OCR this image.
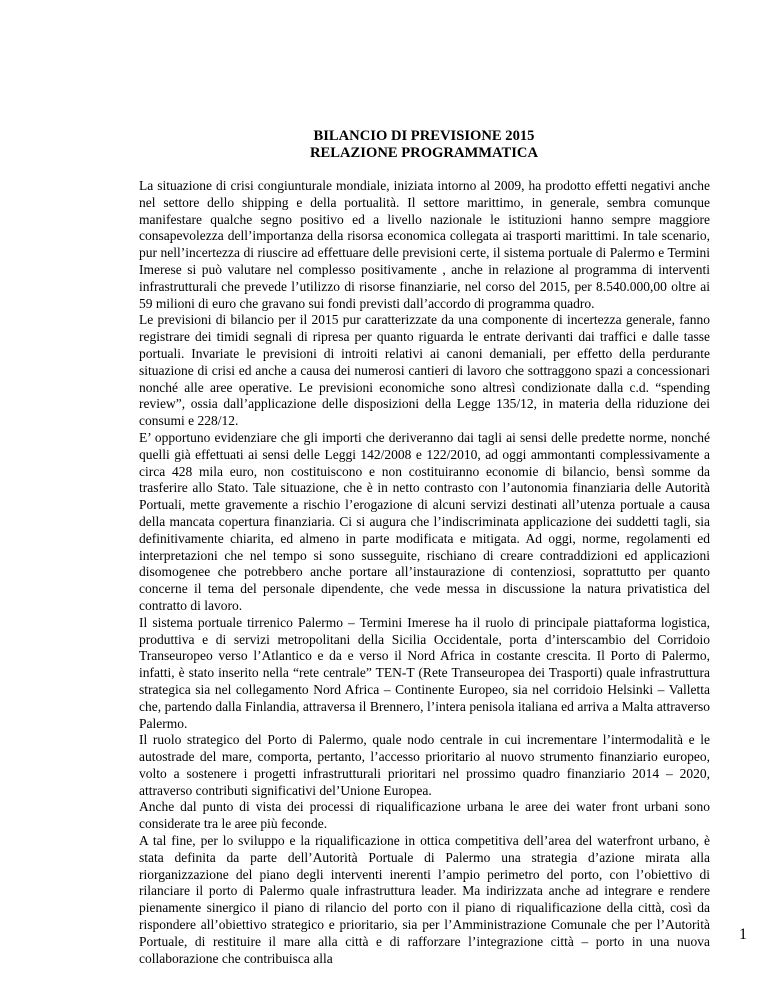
BILANCIO DI PREVISIONE 2015
RELAZIONE PROGRAMMATICA

La situazione di crisi congiunturale mondiale, iniziata intorno al 2009, ha prodotto effetti negativi anche nel settore dello shipping e della portualità. Il settore marittimo, in generale, sembra comunque manifestare qualche segno positivo ed a livello nazionale le istituzioni hanno sempre maggiore consapevolezza dell’importanza della risorsa economica collegata ai trasporti marittimi. In tale scenario, pur nell’incertezza di riuscire ad effettuare delle previsioni certe, il sistema portuale di Palermo e Termini Imerese si può valutare nel complesso positivamente , anche in relazione al programma di interventi infrastrutturali che prevede l’utilizzo di risorse finanziarie, nel corso del 2015, per 8.540.000,00 oltre ai 59 milioni di euro che gravano sui fondi previsti dall’accordo di programma quadro.

Le previsioni di bilancio per il 2015 pur caratterizzate da una componente di incertezza generale, fanno registrare dei timidi segnali di ripresa per quanto riguarda le entrate derivanti dai traffici e dalle tasse portuali. Invariate le previsioni di introiti relativi ai canoni demaniali, per effetto della perdurante situazione di crisi ed anche a causa dei numerosi cantieri di lavoro che sottraggono spazi a concessionari nonché alle aree operative. Le previsioni economiche sono altresì condizionate dalla c.d. “spending review”, ossia dall’applicazione delle disposizioni della Legge 135/12, in materia della riduzione dei consumi e 228/12.

E’ opportuno evidenziare che gli importi che deriveranno dai tagli ai sensi delle predette norme, nonché quelli già effettuati ai sensi delle Leggi 142/2008 e 122/2010, ad oggi ammontanti complessivamente a circa 428 mila euro, non costituiscono e non costituiranno economie di bilancio, bensì somme da trasferire allo Stato. Tale situazione, che è in netto contrasto con l’autonomia finanziaria delle Autorità Portuali, mette gravemente a rischio l’erogazione di alcuni servizi destinati all’utenza portuale a causa della mancata copertura finanziaria. Ci si augura che l’indiscriminata applicazione dei suddetti tagli, sia definitivamente chiarita, ed almeno in parte modificata e mitigata. Ad oggi, norme, regolamenti ed interpretazioni che nel tempo si sono susseguite, rischiano di creare contraddizioni ed applicazioni disomogenee che potrebbero anche portare all’instaurazione di contenziosi, soprattutto per quanto concerne il tema del personale dipendente, che vede messa in discussione la natura privatistica del contratto di lavoro.

Il sistema portuale tirrenico Palermo – Termini Imerese ha il ruolo di principale piattaforma logistica, produttiva e di servizi metropolitani della Sicilia Occidentale, porta d’interscambio del Corridoio Transeuropeo verso l’Atlantico e da e verso il Nord Africa in costante crescita. Il Porto di Palermo, infatti, è stato inserito nella “rete centrale” TEN-T (Rete Transeuropea dei Trasporti) quale infrastruttura strategica sia nel collegamento Nord Africa – Continente Europeo, sia nel corridoio Helsinki – Valletta che, partendo dalla Finlandia, attraversa il Brennero, l’intera penisola italiana ed arriva a Malta attraverso Palermo.

Il ruolo strategico del Porto di Palermo, quale nodo centrale in cui incrementare l’intermodalità e le autostrade del mare, comporta, pertanto, l’accesso prioritario al nuovo strumento finanziario europeo, volto a sostenere i progetti infrastrutturali prioritari nel prossimo quadro finanziario 2014 – 2020, attraverso contributi significativi del’Unione Europea.

Anche dal punto di vista dei processi di riqualificazione urbana le aree dei water front urbani sono considerate tra le aree più feconde.

A tal fine, per lo sviluppo e la riqualificazione in ottica competitiva dell’area del waterfront urbano, è stata definita da parte dell’Autorità Portuale di Palermo una strategia d’azione mirata alla riorganizzazione del piano degli interventi inerenti l’ampio perimetro del porto, con l’obiettivo di rilanciare il porto di Palermo quale infrastruttura leader. Ma indirizzata anche ad integrare e rendere pienamente sinergico il piano di rilancio del porto con il piano di riqualificazione della città, così da rispondere all’obiettivo strategico e prioritario, sia per l’Amministrazione Comunale che per l’Autorità Portuale, di restituire il mare alla città e di rafforzare l’integrazione città – porto in una nuova collaborazione che contribuisca alla

1
